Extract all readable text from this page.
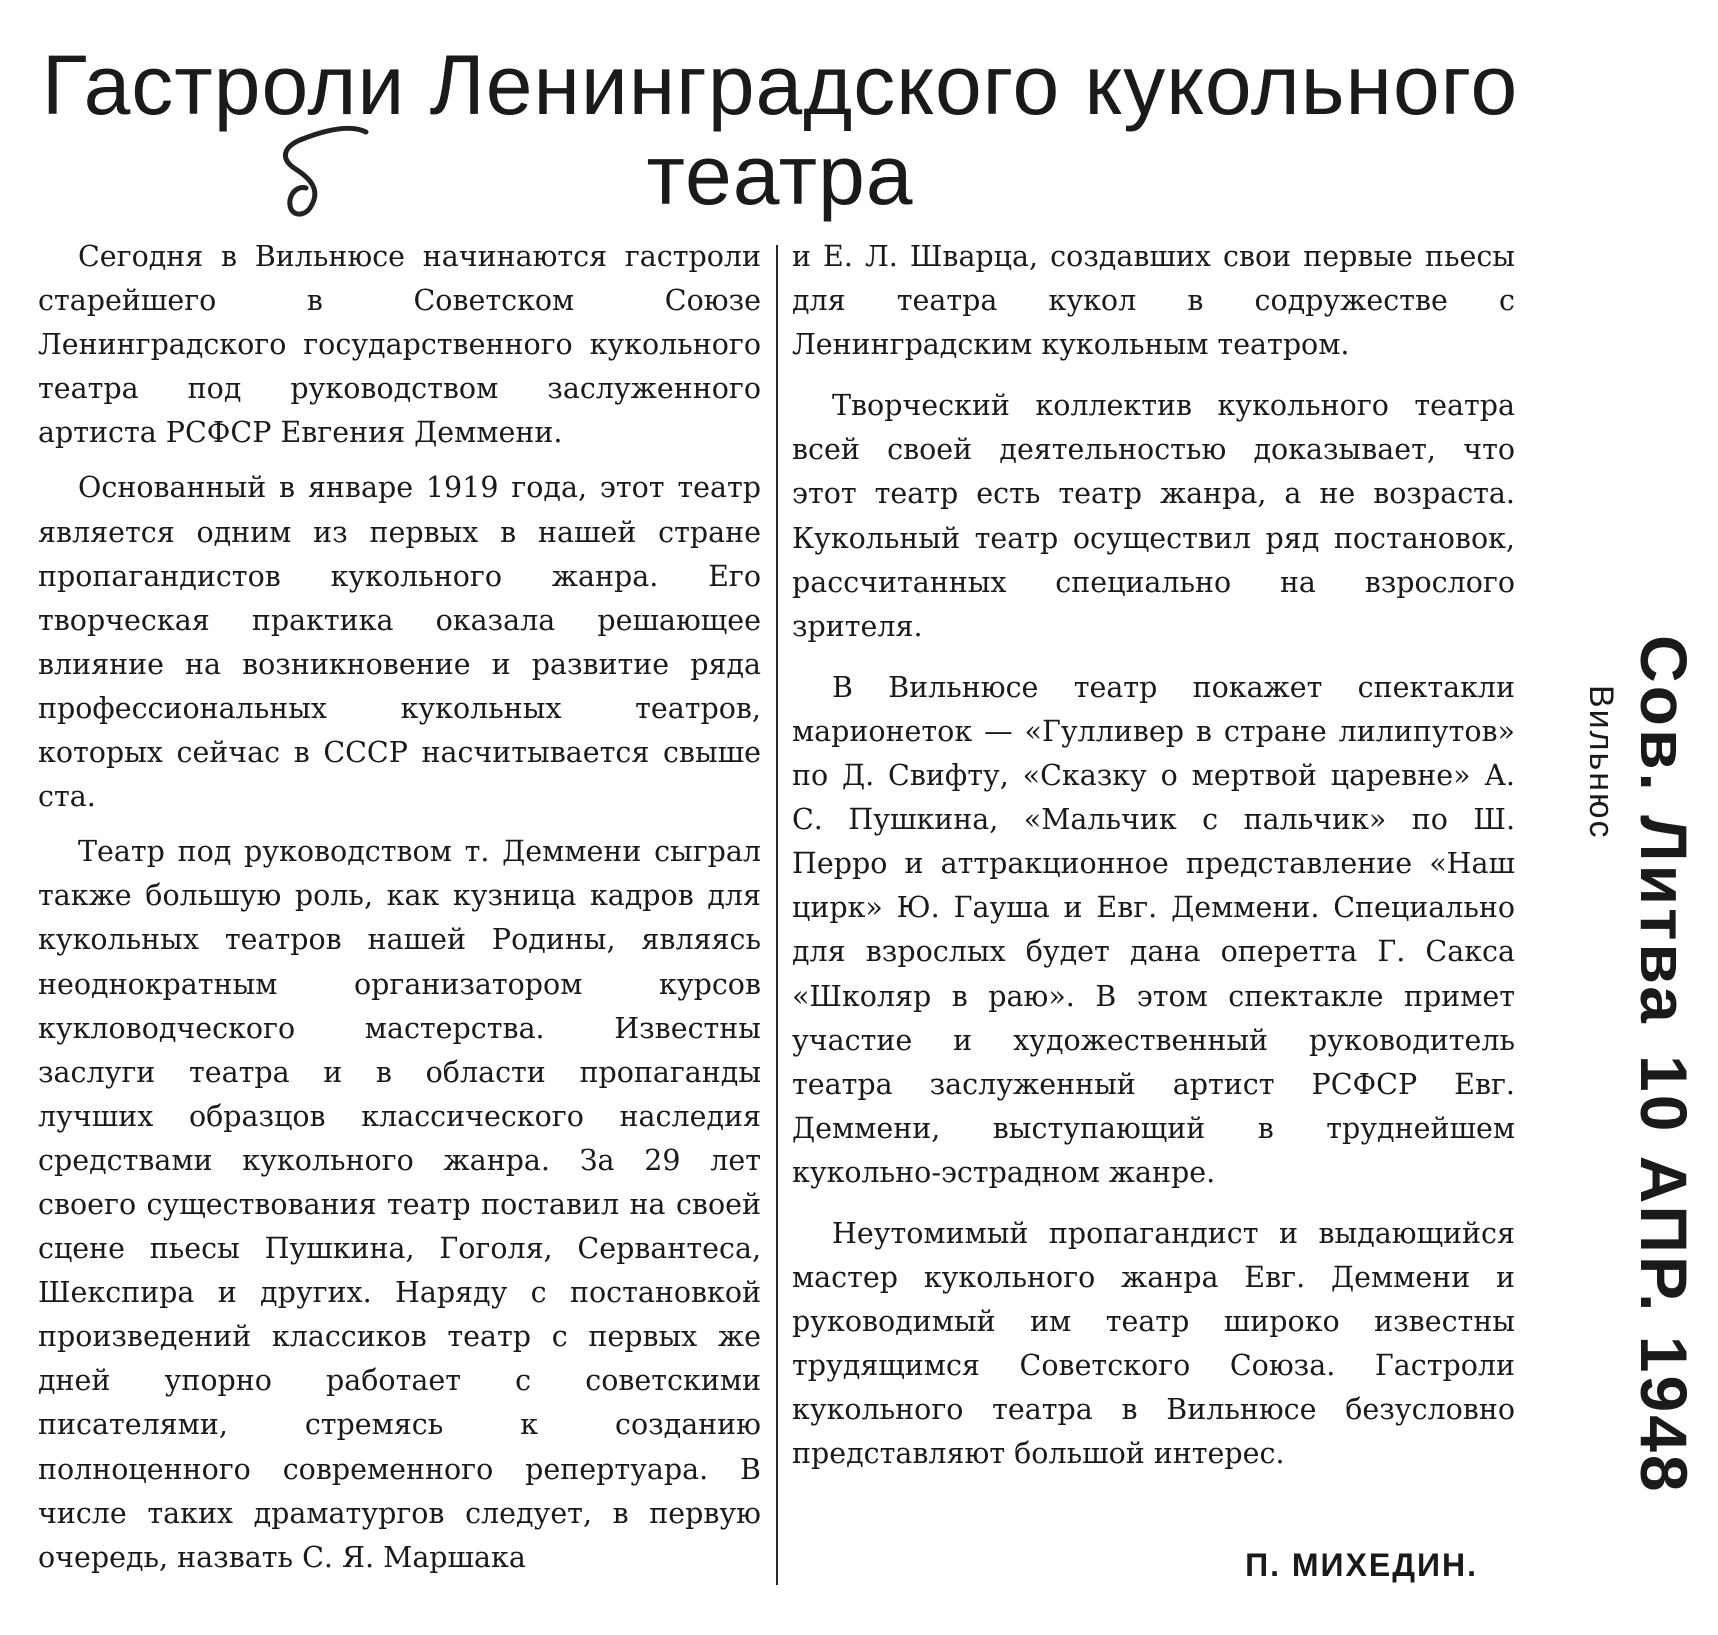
Гастроли Ленинградского кукольного театра

Сегодня в Вильнюсе начинаются гастроли старейшего в Советском Союзе Ленинградского государственного кукольного театра под руководством заслуженного артиста РСФСР Евгения Деммени.

Основанный в январе 1919 года, этот театр является одним из первых в нашей стране пропагандистов кукольного жанра. Его творческая практика оказала решающее влияние на возникновение и развитие ряда профессиональных кукольных театров, которых сейчас в СССР насчитывается свыше ста.

Театр под руководством т. Деммени сыграл также большую роль, как кузница кадров для кукольных театров нашей Родины, являясь неоднократным организатором курсов кукловодческого мастерства. Известны заслуги театра и в области пропаганды лучших образцов классического наследия средствами кукольного жанра. За 29 лет своего существования театр поставил на своей сцене пьесы Пушкина, Гоголя, Сервантеса, Шекспира и других. Наряду с постановкой произведений классиков театр с первых же дней упорно работает с советскими писателями, стремясь к созданию полноценного современного репертуара. В числе таких драматургов следует, в первую очередь, назвать С. Я. Маршака

и Е. Л. Шварца, создавших свои первые пьесы для театра кукол в содружестве с Ленинградским кукольным театром.

Творческий коллектив кукольного театра всей своей деятельностью доказывает, что этот театр есть театр жанра, а не возраста. Кукольный театр осуществил ряд постановок, рассчитанных специально на взрослого зрителя.

В Вильнюсе театр покажет спектакли марионеток — «Гулливер в стране лилипутов» по Д. Свифту, «Сказку о мертвой царевне» А. С. Пушкина, «Мальчик с пальчик» по Ш. Перро и аттракционное представление «Наш цирк» Ю. Гауша и Евг. Деммени. Специально для взрослых будет дана оперетта Г. Сакса «Школяр в раю». В этом спектакле примет участие и художественный руководитель театра заслуженный артист РСФСР Евг. Деммени, выступающий в труднейшем кукольно-эстрадном жанре.

Неутомимый пропагандист и выдающийся мастер кукольного жанра Евг. Деммени и руководимый им театр широко известны трудящимся Советского Союза. Гастроли кукольного театра в Вильнюсе безусловно представляют большой интерес.

П. МИХЕДИН.
Сов. Литва
Вильнюс
10 АПР. 1948
